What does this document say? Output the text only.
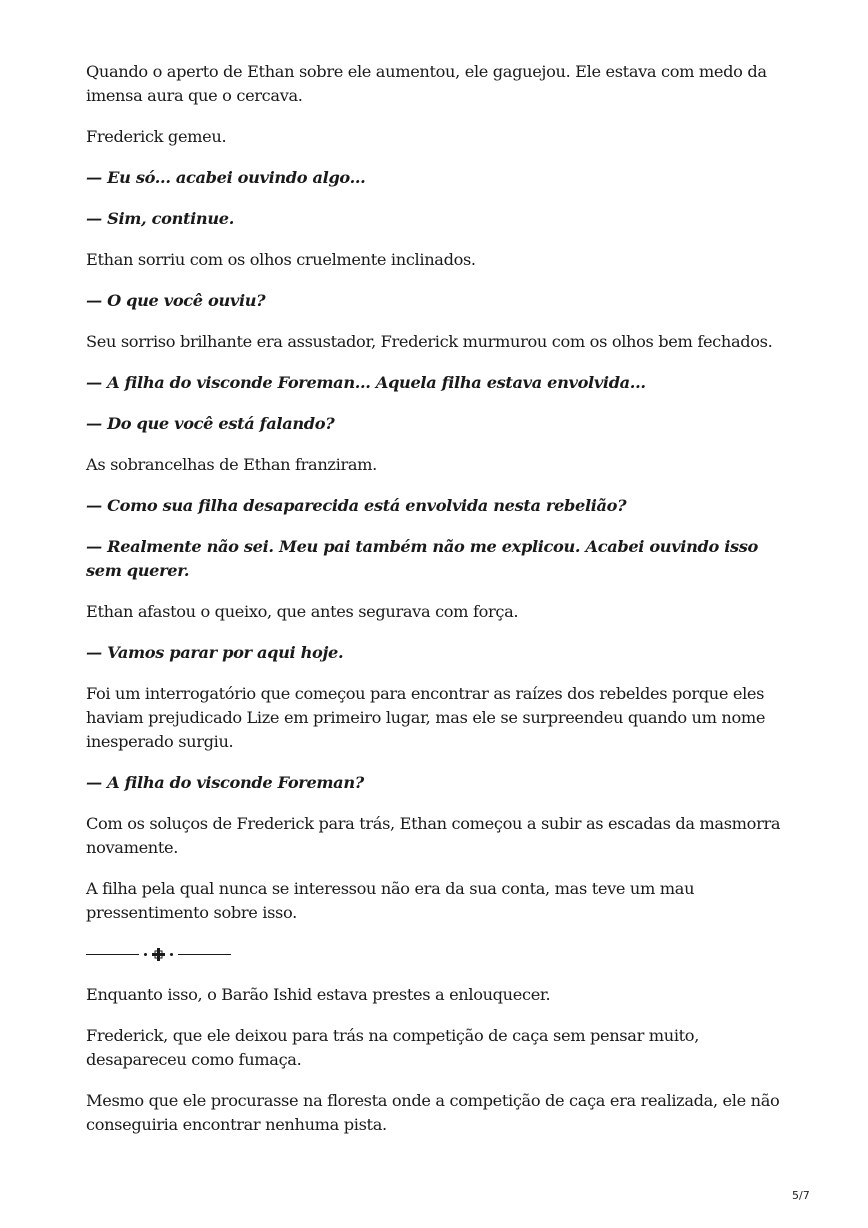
Quando o aperto de Ethan sobre ele aumentou, ele gaguejou. Ele estava com medo da imensa aura que o cercava.

Frederick gemeu.

— Eu só... acabei ouvindo algo...

— Sim, continue.

Ethan sorriu com os olhos cruelmente inclinados.

— O que você ouviu?

Seu sorriso brilhante era assustador, Frederick murmurou com os olhos bem fechados.

— A filha do visconde Foreman... Aquela filha estava envolvida...

— Do que você está falando?

As sobrancelhas de Ethan franziram.

— Como sua filha desaparecida está envolvida nesta rebelião?

— Realmente não sei. Meu pai também não me explicou. Acabei ouvindo isso sem querer.

Ethan afastou o queixo, que antes segurava com força.

— Vamos parar por aqui hoje.

Foi um interrogatório que começou para encontrar as raízes dos rebeldes porque eles haviam prejudicado Lize em primeiro lugar, mas ele se surpreendeu quando um nome inesperado surgiu.

— A filha do visconde Foreman?

Com os soluços de Frederick para trás, Ethan começou a subir as escadas da masmorra novamente.

A filha pela qual nunca se interessou não era da sua conta, mas teve um mau pressentimento sobre isso.

Enquanto isso, o Barão Ishid estava prestes a enlouquecer.

Frederick, que ele deixou para trás na competição de caça sem pensar muito, desapareceu como fumaça.

Mesmo que ele procurasse na floresta onde a competição de caça era realizada, ele não conseguiria encontrar nenhuma pista.

5/7
